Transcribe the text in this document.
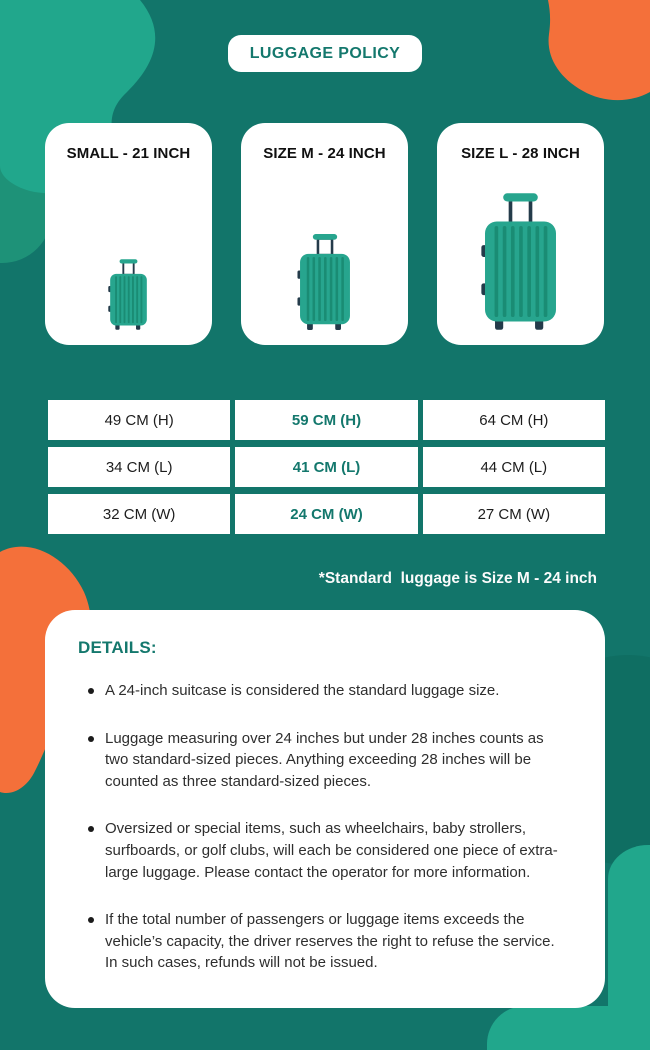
LUGGAGE POLICY
SMALL - 21 INCH	SIZE M - 24 INCH	SIZE L - 28 INCH
49 CM (H)	59 CM (H)	64 CM (H)
34 CM (L)	41 CM (L)	44 CM (L)
32 CM (W)	24 CM (W)	27 CM (W)
*Standard  luggage is Size M - 24 inch
DETAILS:
A 24-inch suitcase is considered the standard luggage size.
Luggage measuring over 24 inches but under 28 inches counts as two standard-sized pieces. Anything exceeding 28 inches will be counted as three standard-sized pieces.
Oversized or special items, such as wheelchairs, baby strollers, surfboards, or golf clubs, will each be considered one piece of extra-large luggage. Please contact the operator for more information.
If the total number of passengers or luggage items exceeds the vehicle’s capacity, the driver reserves the right to refuse the service. In such cases, refunds will not be issued.
